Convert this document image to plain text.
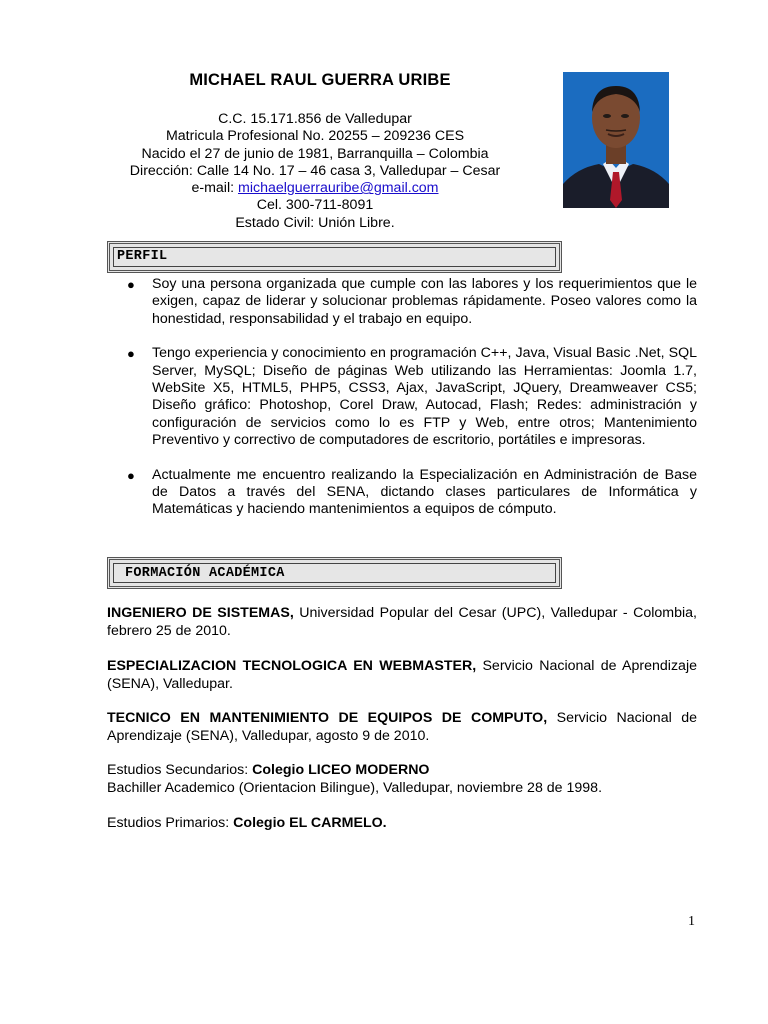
MICHAEL RAUL GUERRA URIBE
C.C. 15.171.856 de Valledupar
Matricula Profesional No. 20255 – 209236 CES
Nacido el 27 de junio de 1981, Barranquilla – Colombia
Dirección: Calle 14 No. 17 – 46 casa 3, Valledupar – Cesar
e-mail: michaelguerrauribe@gmail.com
Cel. 300-711-8091
Estado Civil: Unión Libre.
PERFIL
● Soy una persona organizada que cumple con las labores y los requerimientos que le exigen, capaz de liderar y solucionar problemas rápidamente. Poseo valores como la honestidad, responsabilidad y el trabajo en equipo.
● Tengo experiencia y conocimiento en programación C++, Java, Visual Basic .Net, SQL Server, MySQL; Diseño de páginas Web utilizando las Herramientas: Joomla 1.7, WebSite X5, HTML5, PHP5, CSS3, Ajax, JavaScript, JQuery, Dreamweaver CS5; Diseño gráfico: Photoshop, Corel Draw, Autocad, Flash; Redes: administración y configuración de servicios como lo es FTP y Web, entre otros; Mantenimiento Preventivo y correctivo de computadores de escritorio, portátiles e impresoras.
● Actualmente me encuentro realizando la Especialización en Administración de Base de Datos a través del SENA, dictando clases particulares de Informática y Matemáticas y haciendo mantenimientos a equipos de cómputo.
FORMACIÓN ACADÉMICA
INGENIERO DE SISTEMAS, Universidad Popular del Cesar (UPC), Valledupar - Colombia, febrero 25 de 2010.
ESPECIALIZACION TECNOLOGICA EN WEBMASTER, Servicio Nacional de Aprendizaje (SENA), Valledupar.
TECNICO EN MANTENIMIENTO DE EQUIPOS DE COMPUTO, Servicio Nacional de Aprendizaje (SENA), Valledupar, agosto 9 de 2010.
Estudios Secundarios: Colegio LICEO MODERNO
Bachiller Academico (Orientacion Bilingue), Valledupar, noviembre 28 de 1998.
Estudios Primarios: Colegio EL CARMELO.
1
